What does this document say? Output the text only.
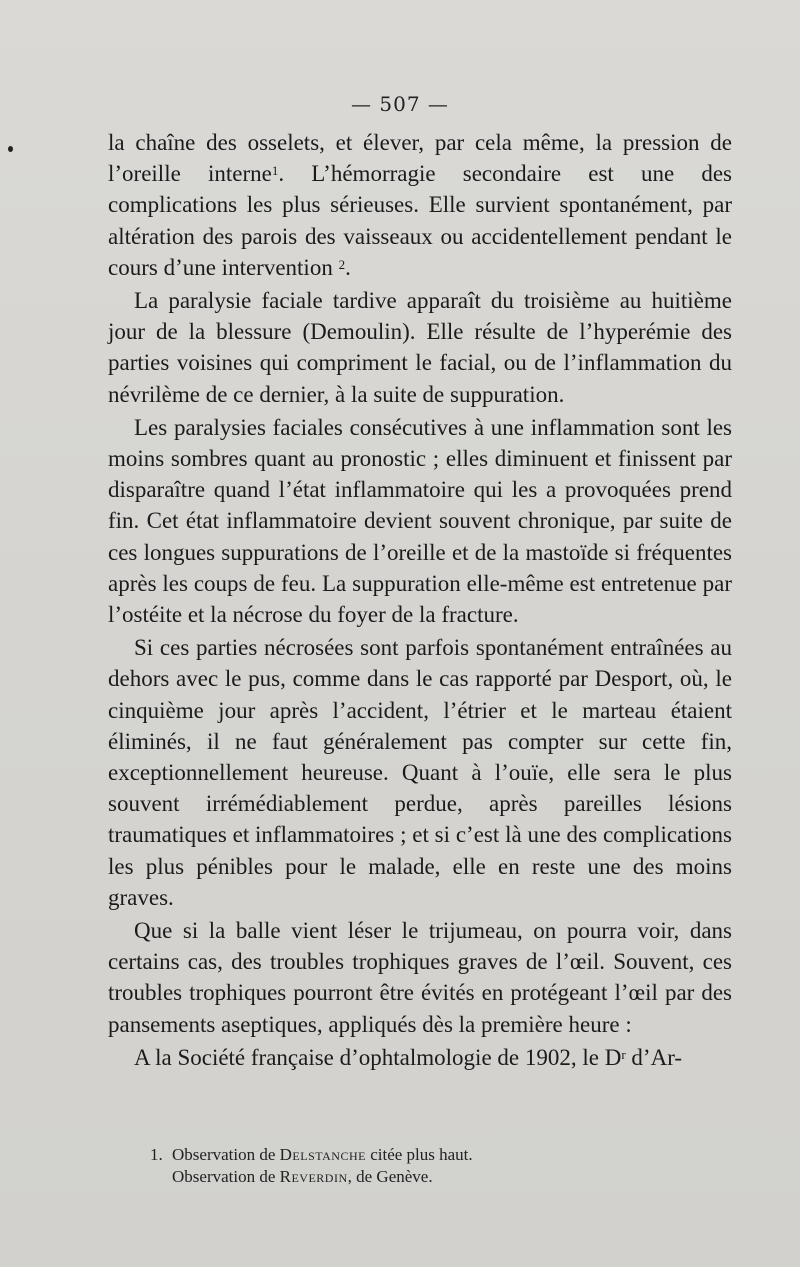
— 507 —

la chaîne des osselets, et élever, par cela même, la pression de l’oreille interne$^1$. L’hémorragie secondaire est une des complications les plus sérieuses. Elle survient spontanément, par altération des parois des vaisseaux ou accidentellement pendant le cours d’une intervention $^2$.

La paralysie faciale tardive apparaît du troisième au huitième jour de la blessure (Demoulin). Elle résulte de l’hyperémie des parties voisines qui compriment le facial, ou de l’inflammation du névrilème de ce dernier, à la suite de suppuration.

Les paralysies faciales consécutives à une inflammation sont les moins sombres quant au pronostic ; elles diminuent et finissent par disparaître quand l’état inflammatoire qui les a provoquées prend fin. Cet état inflammatoire devient souvent chronique, par suite de ces longues suppurations de l’oreille et de la mastoïde si fréquentes après les coups de feu. La suppuration elle-même est entretenue par l’ostéite et la nécrose du foyer de la fracture.

Si ces parties nécrosées sont parfois spontanément entraînées au dehors avec le pus, comme dans le cas rapporté par Desport, où, le cinquième jour après l’accident, l’étrier et le marteau étaient éliminés, il ne faut généralement pas compter sur cette fin, exceptionnellement heureuse. Quant à l’ouïe, elle sera le plus souvent irrémédiablement perdue, après pareilles lésions traumatiques et inflammatoires ; et si c’est là une des complications les plus pénibles pour le malade, elle en reste une des moins graves.

Que si la balle vient léser le trijumeau, on pourra voir, dans certains cas, des troubles trophiques graves de l’œil. Souvent, ces troubles trophiques pourront être évités en protégeant l’œil par des pansements aseptiques, appliqués dès la première heure :

A la Société française d’ophtalmologie de 1902, le $D^r$ d’Ar-

1. Observation de Delstanche citée plus haut.

Observation de Reverdin, de Genève.
